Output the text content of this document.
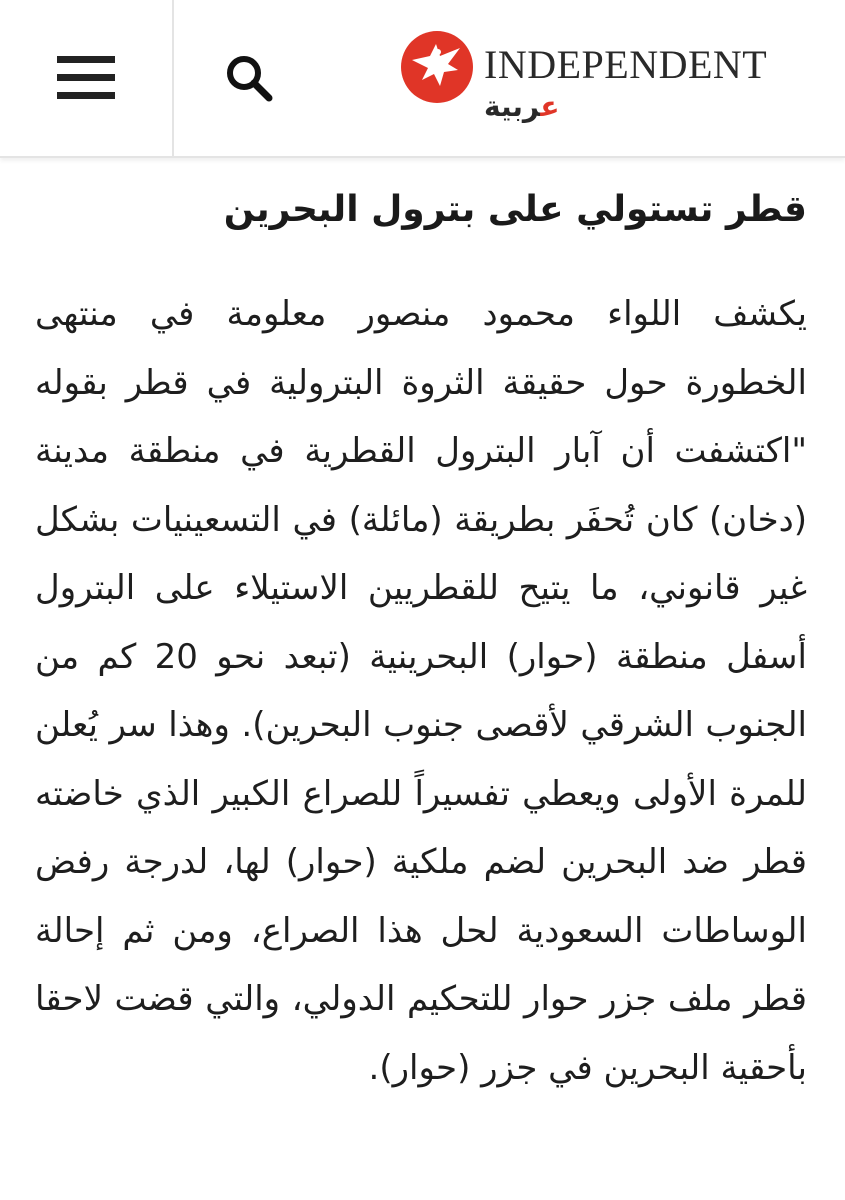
INDEPENDENT
عربية
قطر تستولي على بترول البحرين

يكشف اللواء محمود منصور معلومة في منتهى الخطورة حول حقيقة الثروة البترولية في قطر بقوله "اكتشفت أن آبار البترول القطرية في منطقة مدينة (دخان) كان تُحفَر بطريقة (مائلة) في التسعينيات بشكل غير قانوني، ما يتيح للقطريين الاستيلاء على البترول أسفل منطقة (حوار) البحرينية (تبعد نحو 20 كم من الجنوب الشرقي لأقصى جنوب البحرين). وهذا سر يُعلن للمرة الأولى ويعطي تفسيراً للصراع الكبير الذي خاضته قطر ضد البحرين لضم ملكية (حوار) لها، لدرجة رفض الوساطات السعودية لحل هذا الصراع، ومن ثم إحالة قطر ملف جزر حوار للتحكيم الدولي، والتي قضت لاحقا بأحقية البحرين في جزر (حوار).
